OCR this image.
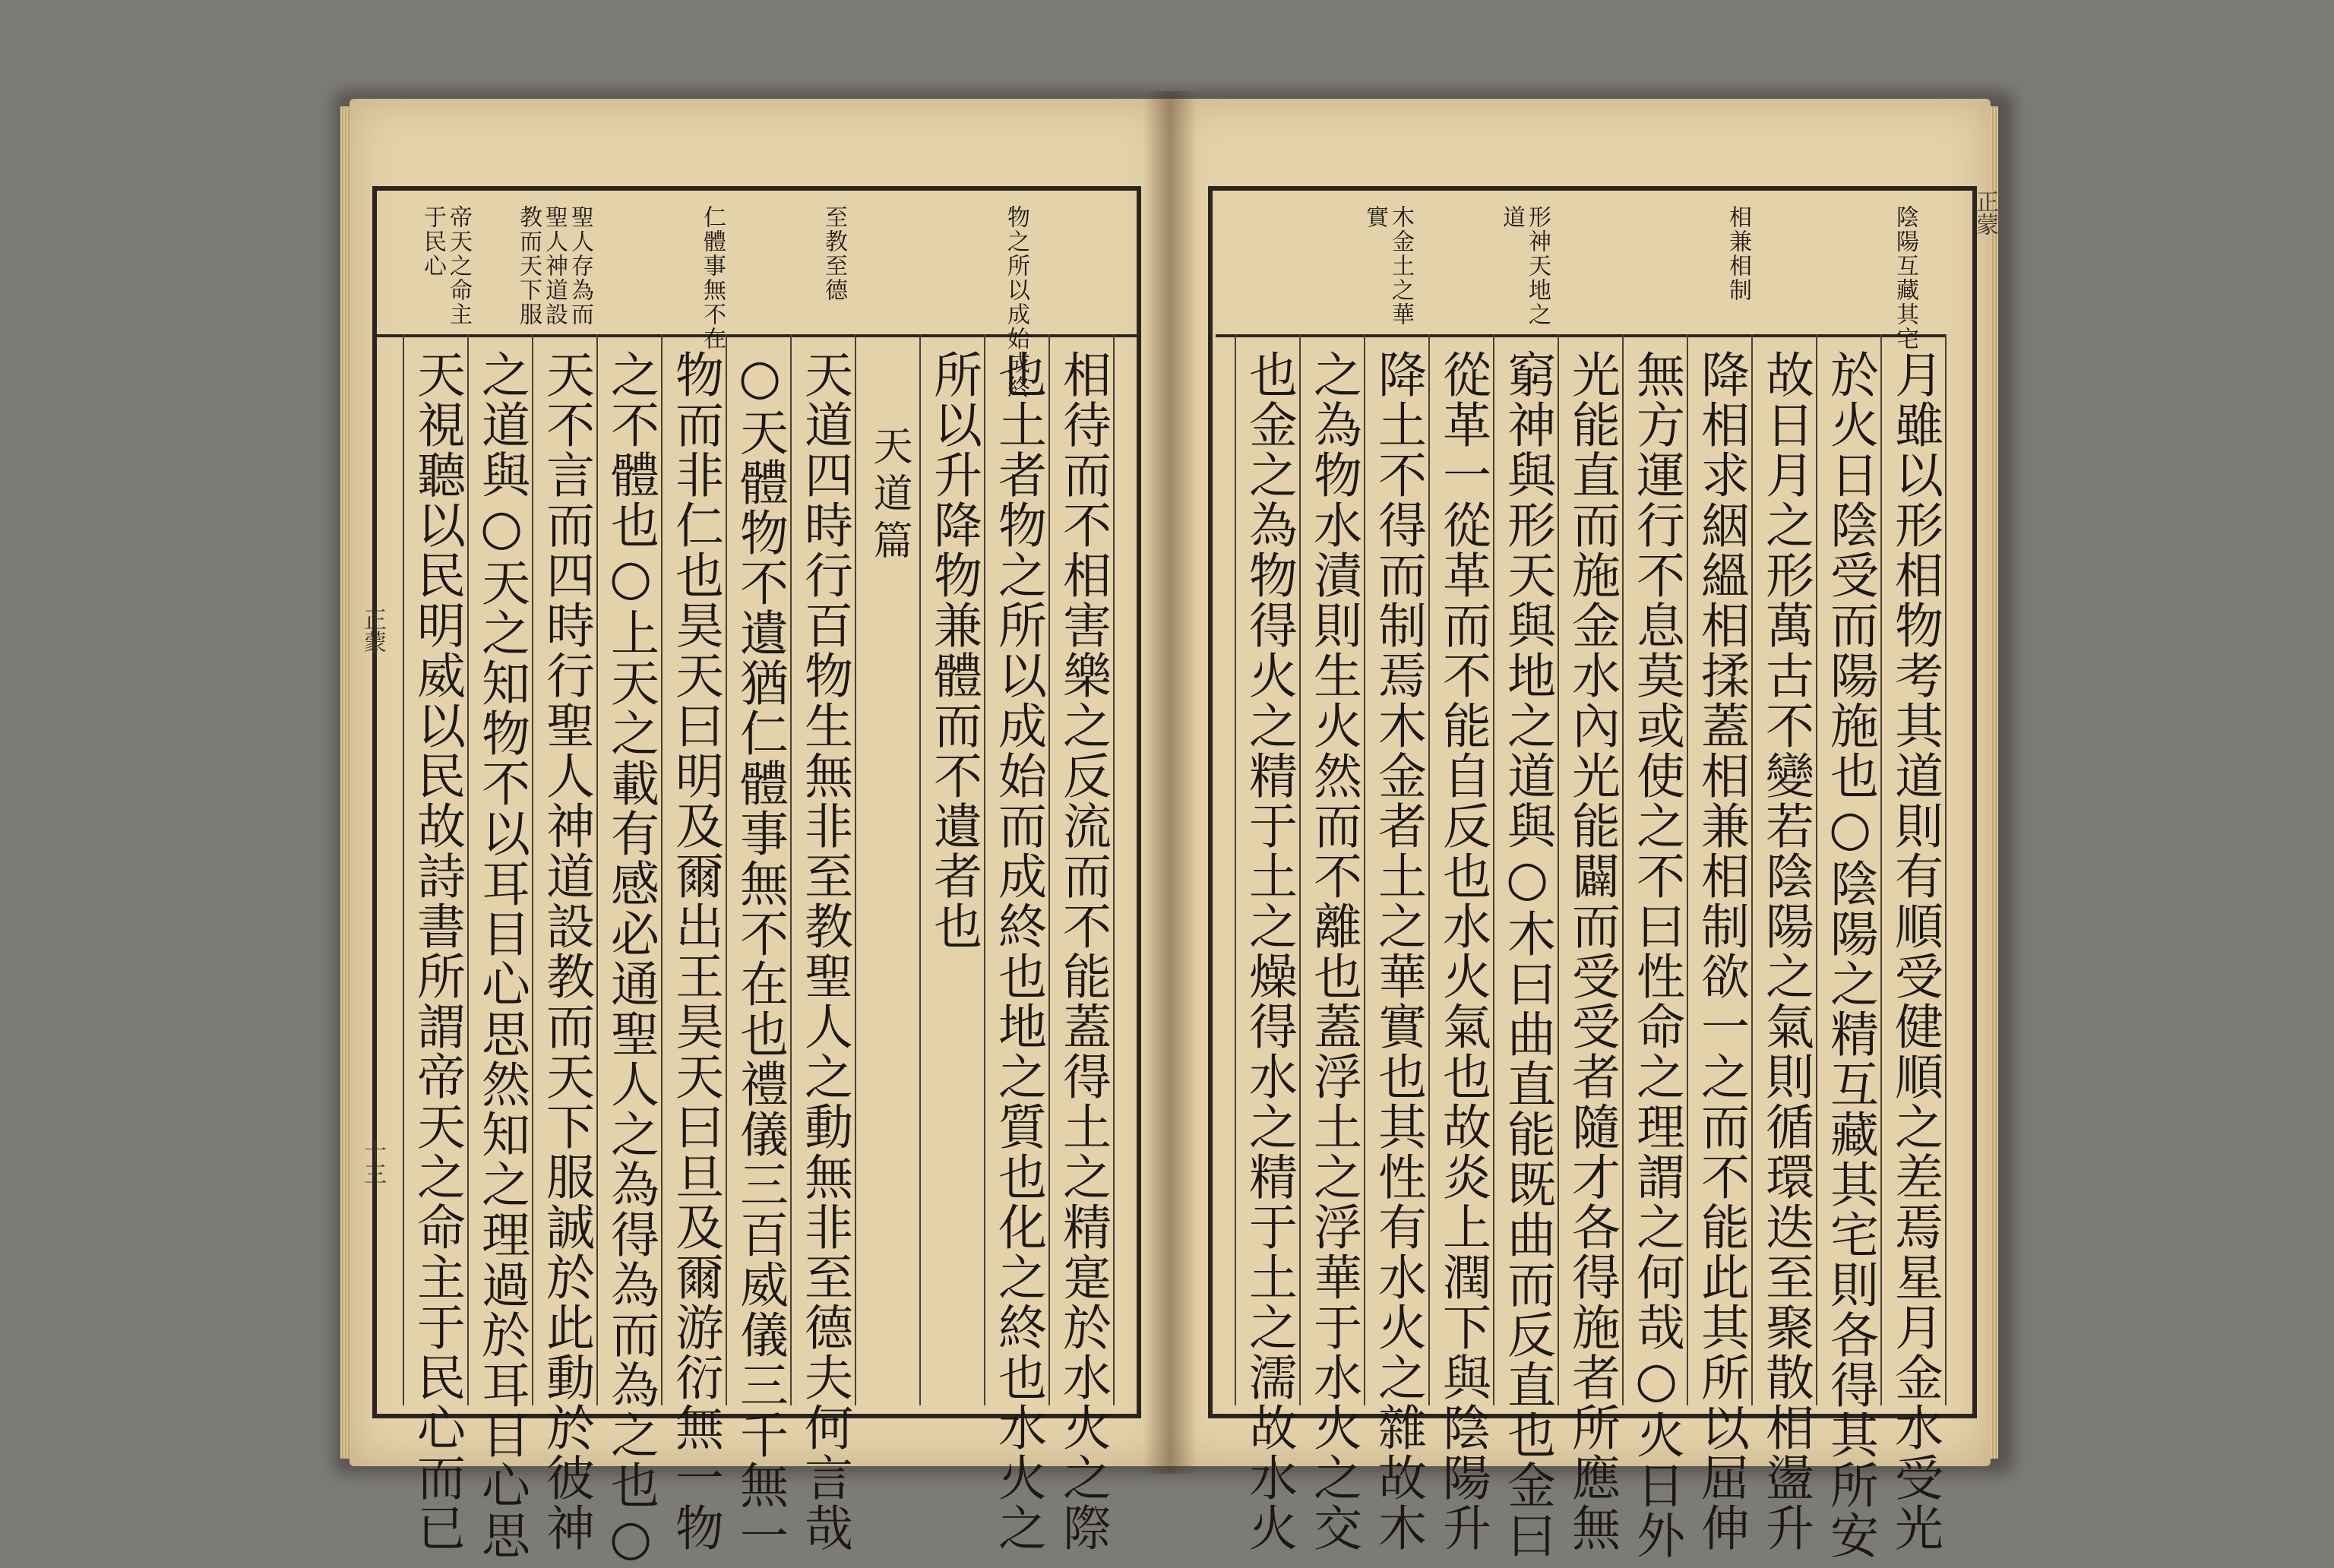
物之所以成始成終
至教至德
仁體事無不在
聖人存為而聖人神道設教而天下服
帝天之命主于民心
相待而不相害樂之反流而不能蓋得土之精寔於水火之際
也土者物之所以成始而成終也地之質也化之終也水火之
所以升降物兼體而不遺者也
天道篇
天道四時行百物生無非至教聖人之動無非至德夫何言哉
○天體物不遺猶仁體事無不在也禮儀三百威儀三千無一
物而非仁也昊天曰明及爾出王昊天曰旦及爾游衍無一物
之不體也○上天之載有感必通聖人之為得為而為之也○
天不言而四時行聖人神道設教而天下服誠於此動於彼神
之道與○天之知物不以耳目心思然知之理過於耳目心思
天視聽以民明威以民故詩書所謂帝天之命主于民心而已
正蒙
十三
陰陽互藏其宅
相兼相制
形神天地之道
木金土之華實
月雖以形相物考其道則有順受健順之差焉星月金水受光
於火日陰受而陽施也○陰陽之精互藏其宅則各得其所安
故日月之形萬古不變若陰陽之氣則循環迭至聚散相盪升
降相求絪縕相揉蓋相兼相制欲一之而不能此其所以屈伸
無方運行不息莫或使之不曰性命之理謂之何哉○火日外
光能直而施金水內光能闢而受受者隨才各得施者所應無
窮神與形天與地之道與○木曰曲直能既曲而反直也金曰
從革一從革而不能自反也水火氣也故炎上潤下與陰陽升
降土不得而制焉木金者土之華實也其性有水火之雜故木
之為物水漬則生火然而不離也蓋浮土之浮華于水火之交
也金之為物得火之精于土之燥得水之精于土之濡故水火
正蒙
